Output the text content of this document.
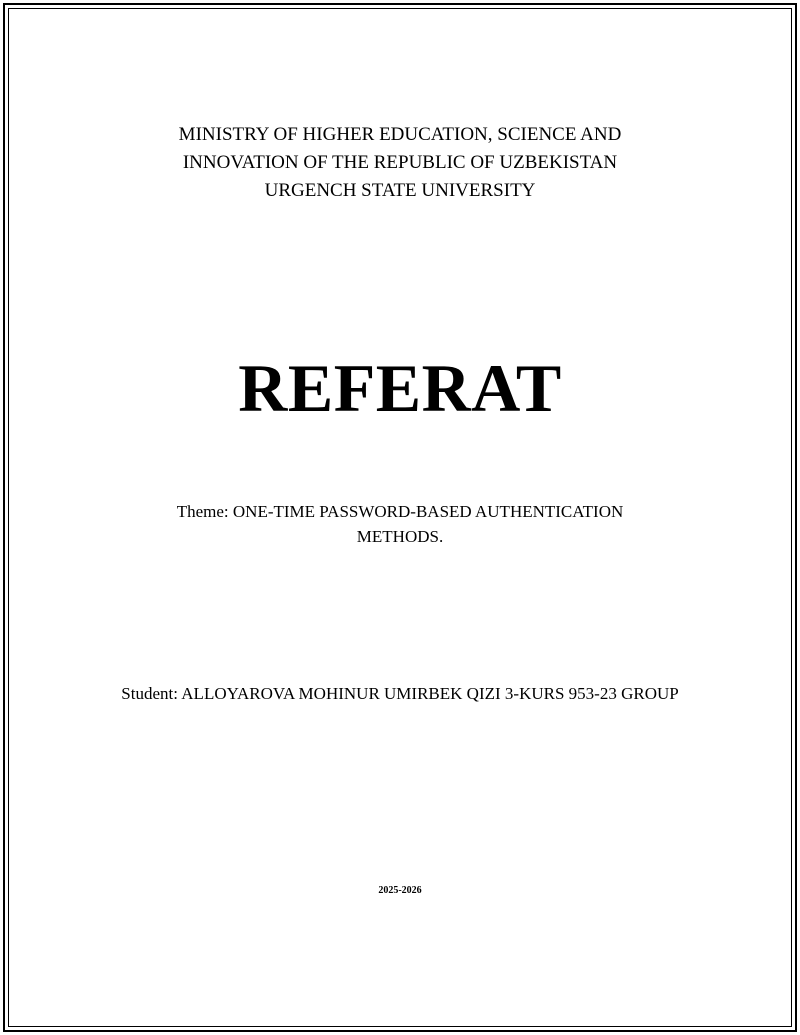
MINISTRY OF HIGHER EDUCATION, SCIENCE AND
INNOVATION OF THE REPUBLIC OF UZBEKISTAN
URGENCH STATE UNIVERSITY
REFERAT
Theme: ONE-TIME PASSWORD-BASED AUTHENTICATION METHODS.
Student: ALLOYAROVA MOHINUR UMIRBEK QIZI 3-KURS 953-23 GROUP
2025-2026
